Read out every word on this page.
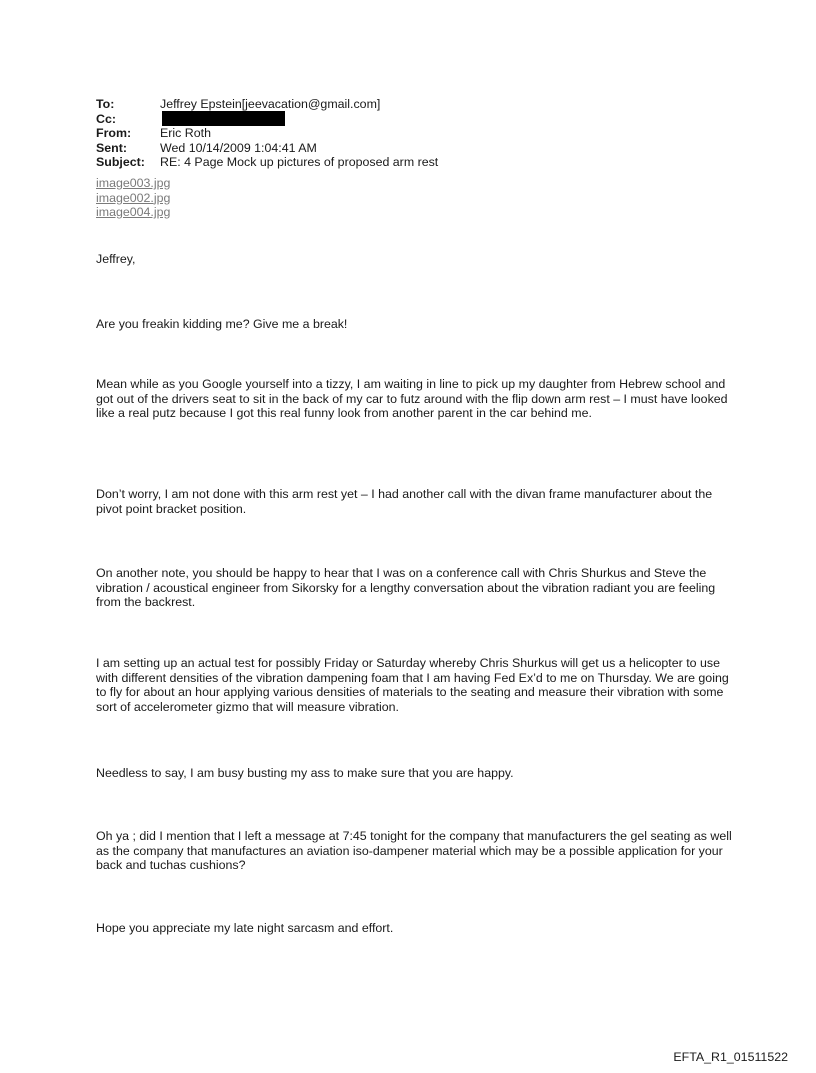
To:	Jeffrey Epstein[jeevacation@gmail.com]
Cc:
From:	Eric Roth
Sent:	Wed 10/14/2009 1:04:41 AM
Subject:	RE: 4 Page Mock up pictures of proposed arm rest
image003.jpg
image002.jpg
image004.jpg

Jeffrey,

Are you freakin kidding me? Give me a break!

Mean while as you Google yourself into a tizzy, I am waiting in line to pick up my daughter from Hebrew school and got out of the drivers seat to sit in the back of my car to futz around with the flip down arm rest – I must have looked like a real putz because I got this real funny look from another parent in the car behind me.

Don’t worry, I am not done with this arm rest yet – I had another call with the divan frame manufacturer about the pivot point bracket position.

On another note, you should be happy to hear that I was on a conference call with Chris Shurkus and Steve the vibration / acoustical engineer from Sikorsky for a lengthy conversation about the vibration radiant you are feeling from the backrest.

I am setting up an actual test for possibly Friday or Saturday whereby Chris Shurkus will get us a helicopter to use with different densities of the vibration dampening foam that I am having Fed Ex’d to me on Thursday. We are going to fly for about an hour applying various densities of materials to the seating and measure their vibration with some sort of accelerometer gizmo that will measure vibration.

Needless to say, I am busy busting my ass to make sure that you are happy.

Oh ya ; did I mention that I left a message at 7:45 tonight for the company that manufacturers the gel seating as well as the company that manufactures an aviation iso-dampener material which may be a possible application for your back and tuchas cushions?

Hope you appreciate my late night sarcasm and effort.

EFTA_R1_01511522
